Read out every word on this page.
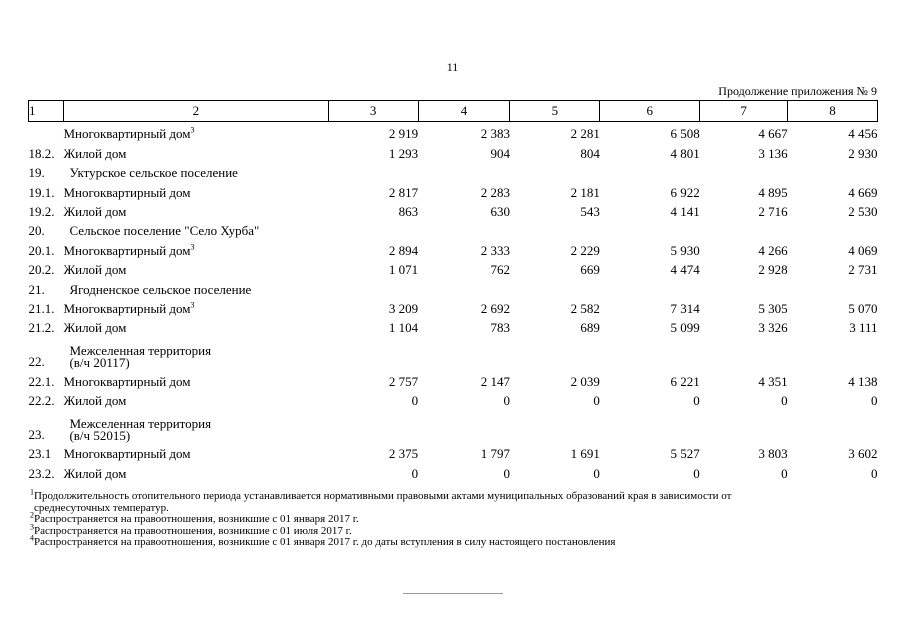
11
Продолжение приложения № 9
1	2	3	4	5	6	7	8
	Многоквартирный дом$^3$	2 919	2 383	2 281	6 508	4 667	4 456
18.2.	Жилой дом	1 293	904	804	4 801	3 136	2 930
19.	Уктурское сельское поселение						
19.1.	Многоквартирный дом	2 817	2 283	2 181	6 922	4 895	4 669
19.2.	Жилой дом	863	630	543	4 141	2 716	2 530
20.	Сельское поселение "Село Хурба"						
20.1.	Многоквартирный дом$^3$	2 894	2 333	2 229	5 930	4 266	4 069
20.2.	Жилой дом	1 071	762	669	4 474	2 928	2 731
21.	Ягодненское сельское поселение						
21.1.	Многоквартирный дом$^3$	3 209	2 692	2 582	7 314	5 305	5 070
21.2.	Жилой дом	1 104	783	689	5 099	3 326	3 111
22.	Межселенная территория
(в/ч 20117)						
22.1.	Многоквартирный дом	2 757	2 147	2 039	6 221	4 351	4 138
22.2.	Жилой дом	0	0	0	0	0	0
23.	Межселенная территория
(в/ч 52015)						
23.1	Многоквартирный дом	2 375	1 797	1 691	5 527	3 803	3 602
23.2.	Жилой дом	0	0	0	0	0	0
$^1$Продолжительность отопительного периода устанавливается нормативными правовыми актами муниципальных образований края в зависимости от
среднесуточных температур.
$^2$Распространяется на правоотношения, возникшие с 01 января 2017 г.
$^3$Распространяется на правоотношения, возникшие с 01 июля 2017 г.
$^4$Распространяется на правоотношения, возникшие с 01 января 2017 г. до даты вступления в силу настоящего постановления
